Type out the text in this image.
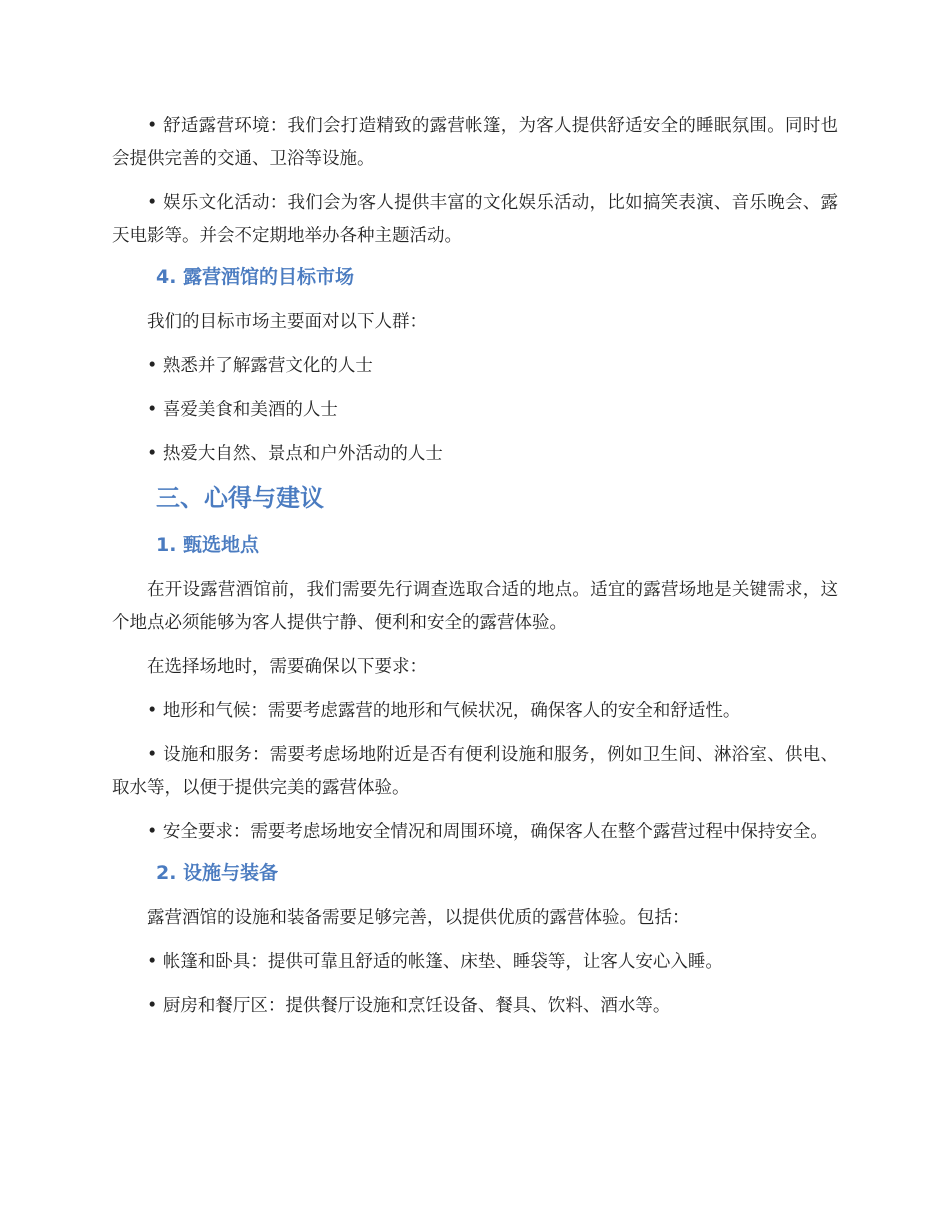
• 舒适露营环境：我们会打造精致的露营帐篷，为客人提供舒适安全的睡眠氛围。同时也会提供完善的交通、卫浴等设施。

• 娱乐文化活动：我们会为客人提供丰富的文化娱乐活动，比如搞笑表演、音乐晚会、露天电影等。并会不定期地举办各种主题活动。

4. 露营酒馆的目标市场

我们的目标市场主要面对以下人群：

• 熟悉并了解露营文化的人士

• 喜爱美食和美酒的人士

• 热爱大自然、景点和户外活动的人士

三、心得与建议
1. 甄选地点

在开设露营酒馆前，我们需要先行调查选取合适的地点。适宜的露营场地是关键需求，这个地点必须能够为客人提供宁静、便利和安全的露营体验。

在选择场地时，需要确保以下要求：

• 地形和气候：需要考虑露营的地形和气候状况，确保客人的安全和舒适性。

• 设施和服务：需要考虑场地附近是否有便利设施和服务，例如卫生间、淋浴室、供电、取水等，以便于提供完美的露营体验。

• 安全要求：需要考虑场地安全情况和周围环境，确保客人在整个露营过程中保持安全。

2. 设施与装备

露营酒馆的设施和装备需要足够完善，以提供优质的露营体验。包括：

• 帐篷和卧具：提供可靠且舒适的帐篷、床垫、睡袋等，让客人安心入睡。

• 厨房和餐厅区：提供餐厅设施和烹饪设备、餐具、饮料、酒水等。
